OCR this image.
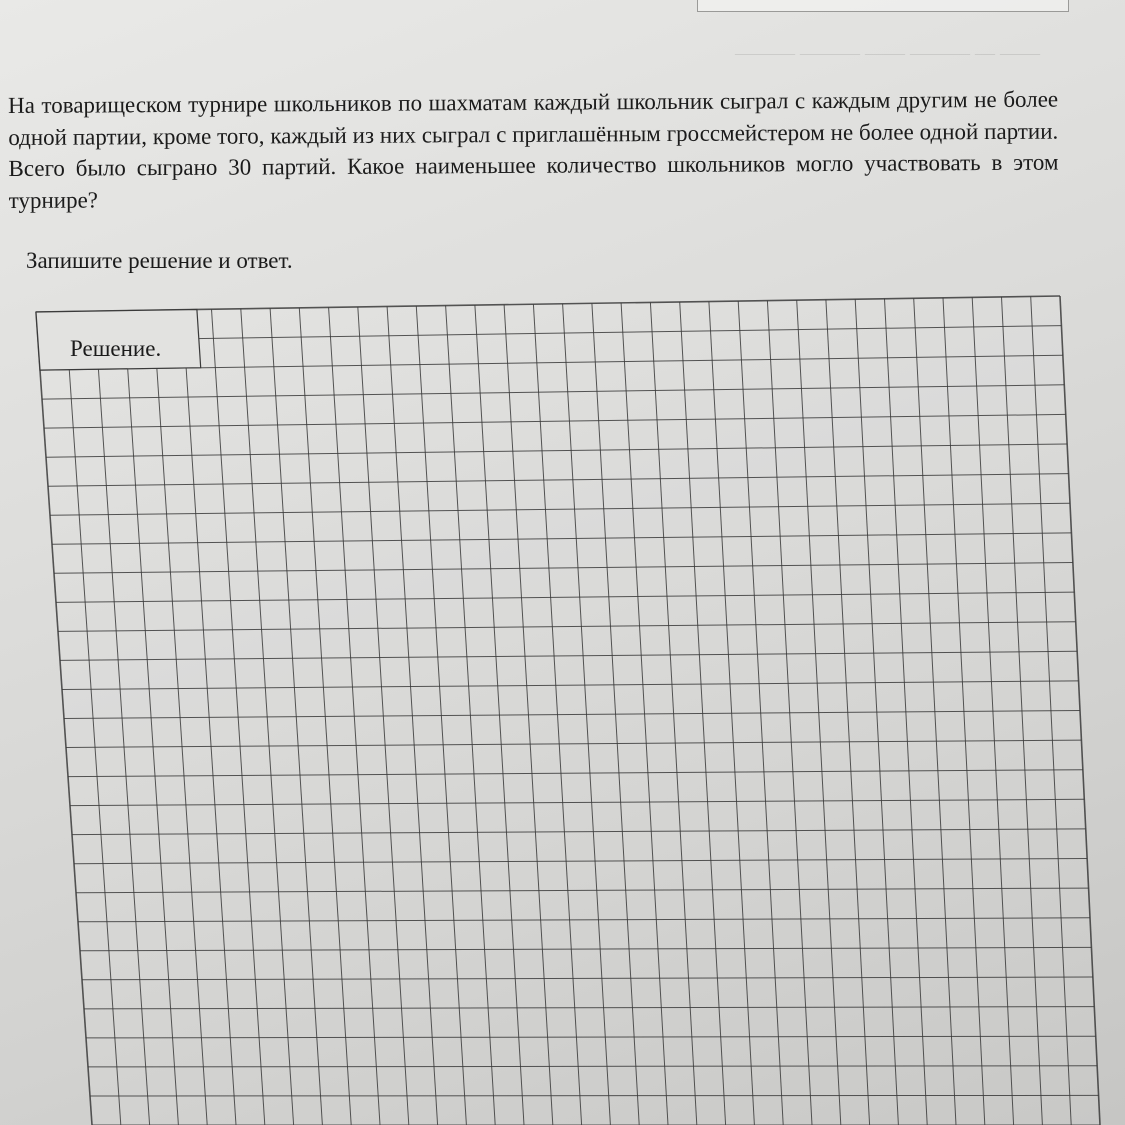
—— — ——— —— ——— ———

На товарищеском турнире школьников по шахматам каждый школьник сыграл с каждым другим не более одной партии, кроме того, каждый из них сыграл с приглашённым гроссмейстером не более одной партии. Всего было сыграно 30 партий. Какое наименьшее количество школьников могло участвовать в этом турнире?

Запишите решение и ответ.

Решение.
